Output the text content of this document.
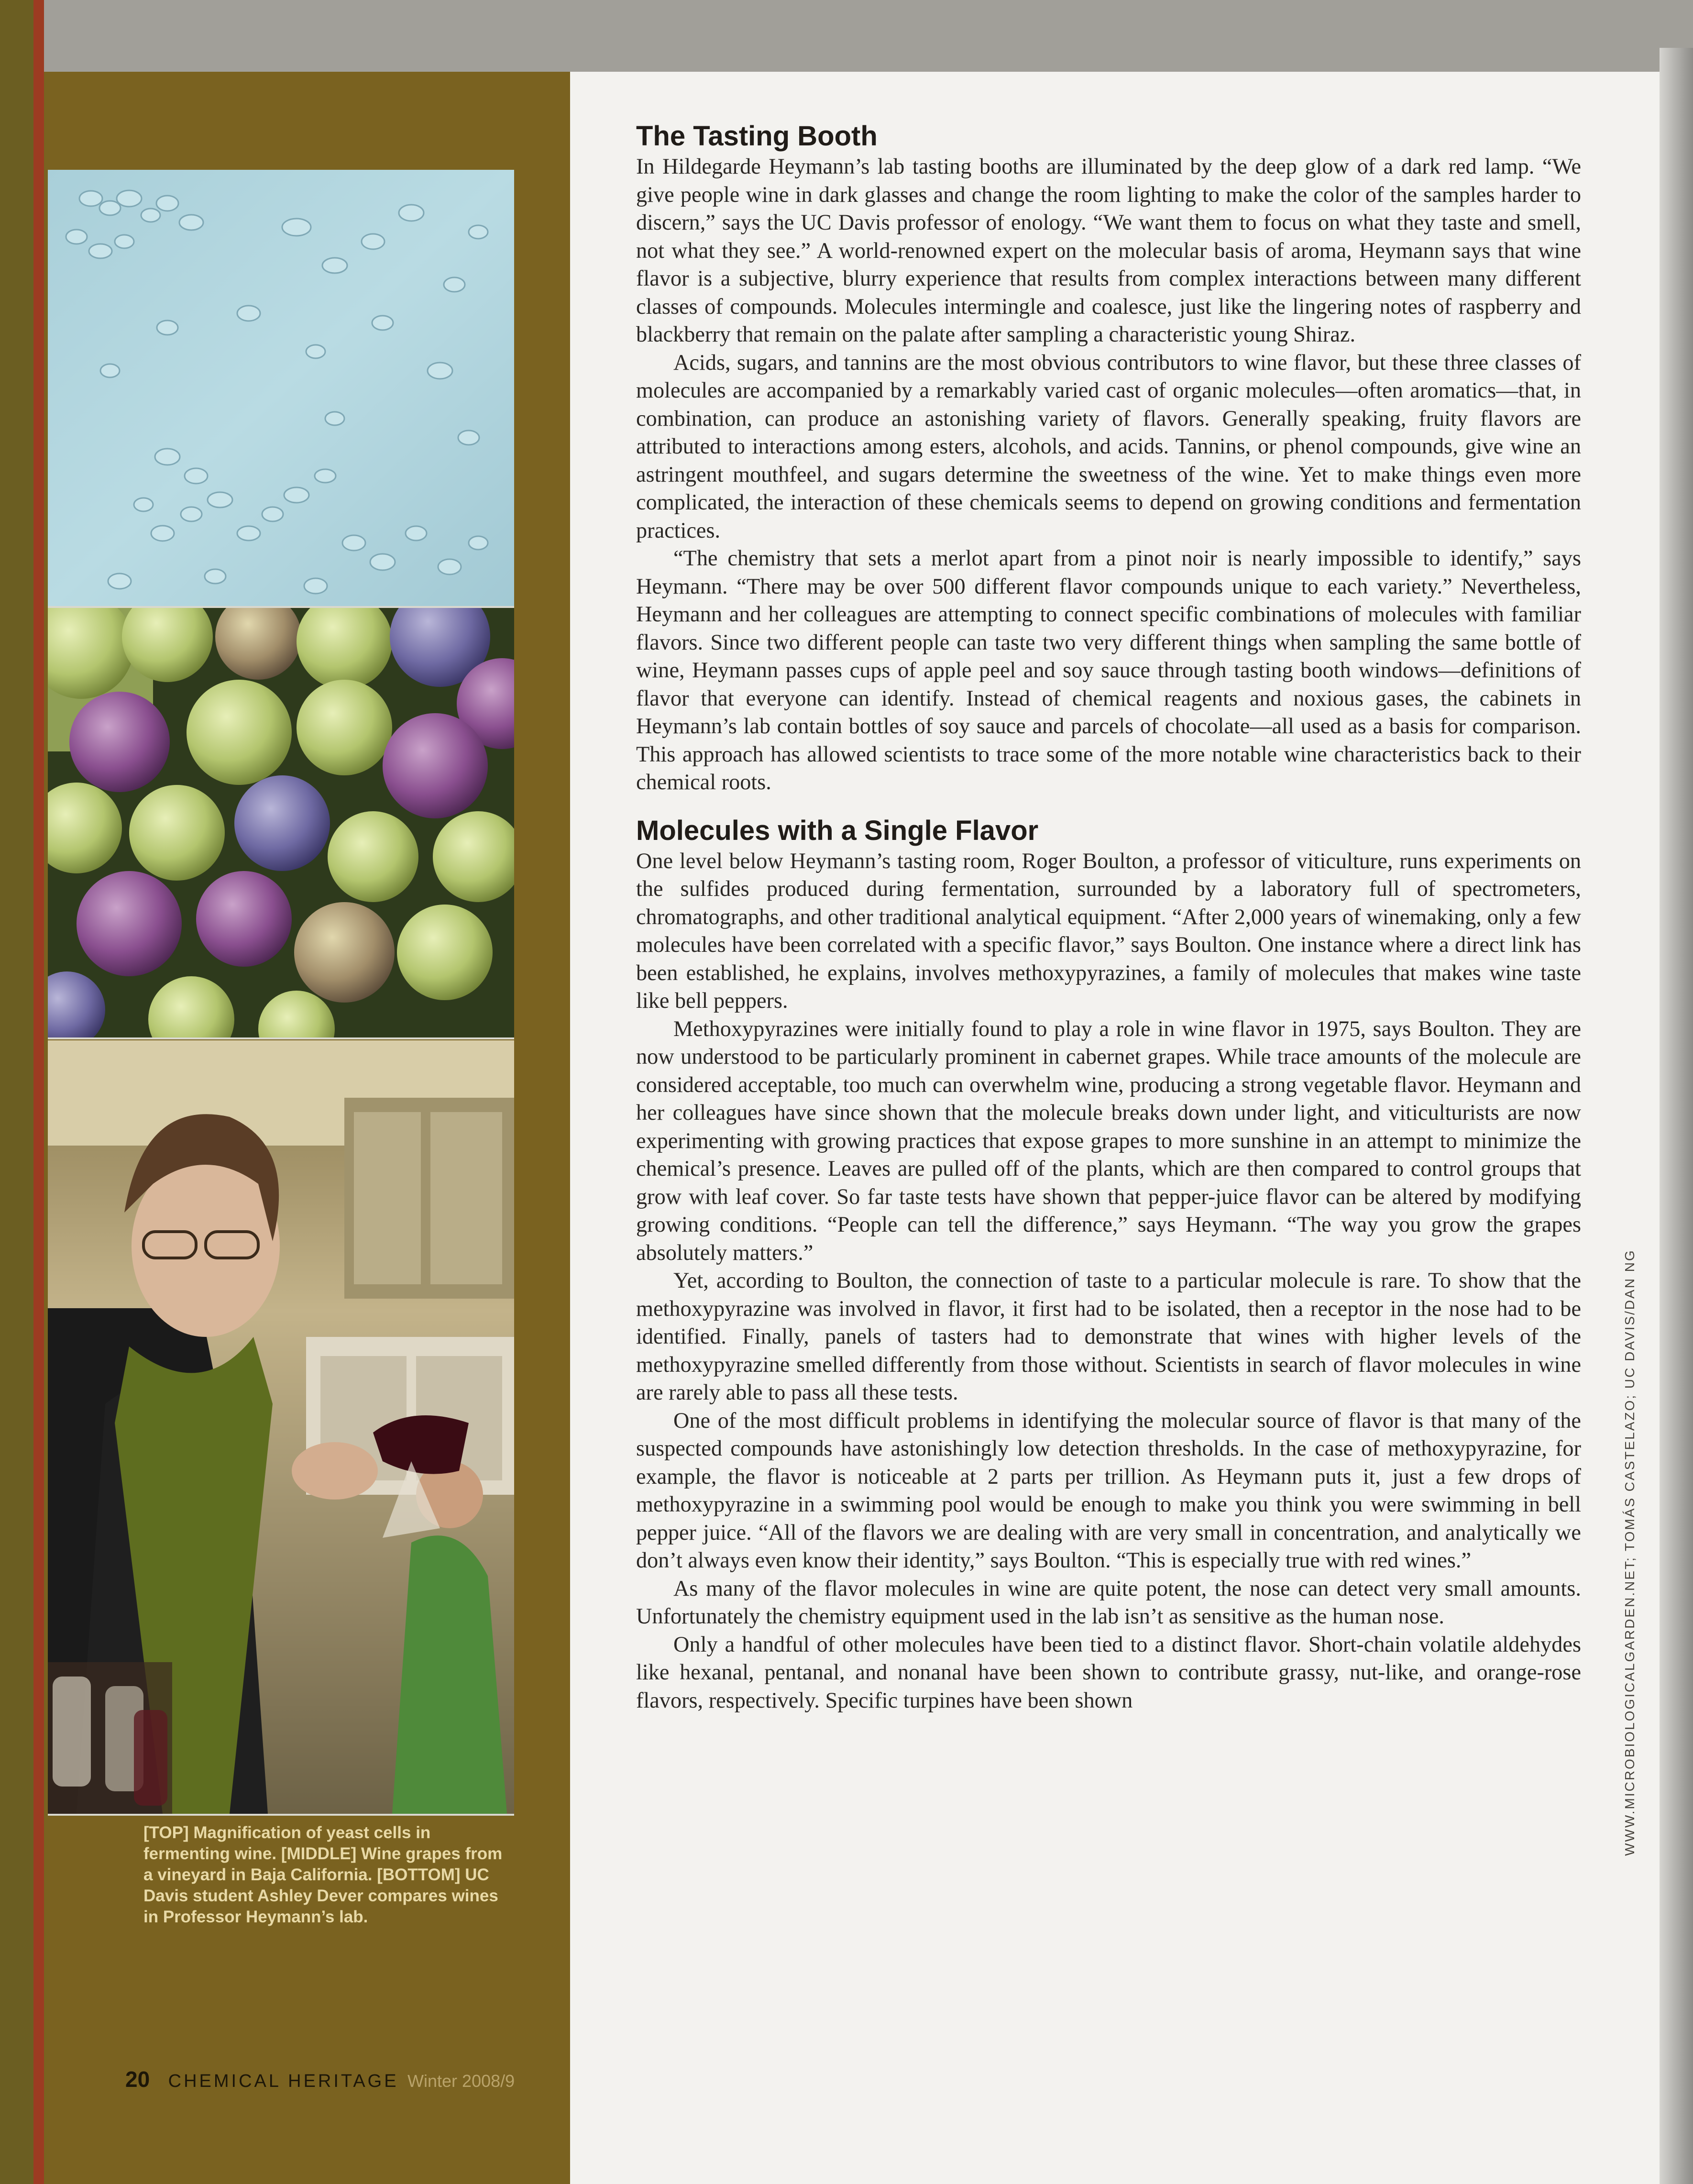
[TOP] Magnification of yeast cells in fermenting wine. [MIDDLE] Wine grapes from a vineyard in Baja California. [BOTTOM] UC Davis student Ashley Dever compares wines in Professor Heymann’s lab.
20 CHEMICAL HERITAGE Winter 2008/9
The Tasting Booth

In Hildegarde Heymann’s lab tasting booths are illuminated by the deep glow of a dark red lamp. “We give people wine in dark glasses and change the room lighting to make the color of the samples harder to discern,” says the UC Davis professor of enology. “We want them to focus on what they taste and smell, not what they see.” A world-renowned expert on the molecular basis of aroma, Heymann says that wine flavor is a subjective, blurry experience that results from complex interactions between many different classes of compounds. Molecules intermingle and coalesce, just like the lingering notes of raspberry and blackberry that remain on the palate after sampling a characteristic young Shiraz.

Acids, sugars, and tannins are the most obvious contributors to wine flavor, but these three classes of molecules are accompanied by a remarkably varied cast of organic molecules—often aromatics—that, in combination, can produce an astonishing variety of flavors. Generally speaking, fruity flavors are attributed to interactions among esters, alcohols, and acids. Tannins, or phenol compounds, give wine an astringent mouthfeel, and sugars determine the sweetness of the wine. Yet to make things even more complicated, the interaction of these chemicals seems to depend on growing conditions and fermentation practices.

“The chemistry that sets a merlot apart from a pinot noir is nearly impossible to identify,” says Heymann. “There may be over 500 different flavor compounds unique to each variety.” Nevertheless, Heymann and her colleagues are attempting to connect specific combinations of molecules with familiar flavors. Since two different people can taste two very different things when sampling the same bottle of wine, Heymann passes cups of apple peel and soy sauce through tasting booth windows—definitions of flavor that everyone can identify. Instead of chemical reagents and noxious gases, the cabinets in Heymann’s lab contain bottles of soy sauce and parcels of chocolate—all used as a basis for comparison. This approach has allowed scientists to trace some of the more notable wine characteristics back to their chemical roots.

Molecules with a Single Flavor

One level below Heymann’s tasting room, Roger Boulton, a professor of viticulture, runs experiments on the sulfides produced during fermentation, surrounded by a laboratory full of spectrometers, chromatographs, and other traditional analytical equipment. “After 2,000 years of winemaking, only a few molecules have been correlated with a specific flavor,” says Boulton. One instance where a direct link has been established, he explains, involves methoxypyrazines, a family of molecules that makes wine taste like bell peppers.

Methoxypyrazines were initially found to play a role in wine flavor in 1975, says Boulton. They are now understood to be particularly prominent in cabernet grapes. While trace amounts of the molecule are considered acceptable, too much can overwhelm wine, producing a strong vegetable flavor. Heymann and her colleagues have since shown that the molecule breaks down under light, and viticulturists are now experimenting with growing practices that expose grapes to more sunshine in an attempt to minimize the chemical’s presence. Leaves are pulled off of the plants, which are then compared to control groups that grow with leaf cover. So far taste tests have shown that pepper-juice flavor can be altered by modifying growing conditions. “People can tell the difference,” says Heymann. “The way you grow the grapes absolutely matters.”

Yet, according to Boulton, the connection of taste to a particular molecule is rare. To show that the methoxypyrazine was involved in flavor, it first had to be isolated, then a receptor in the nose had to be identified. Finally, panels of tasters had to demonstrate that wines with higher levels of the methoxypyrazine smelled differently from those without. Scientists in search of flavor molecules in wine are rarely able to pass all these tests.

One of the most difficult problems in identifying the molecular source of flavor is that many of the suspected compounds have astonishingly low detection thresholds. In the case of methoxypyrazine, for example, the flavor is noticeable at 2 parts per trillion. As Heymann puts it, just a few drops of methoxypyrazine in a swimming pool would be enough to make you think you were swimming in bell pepper juice. “All of the flavors we are dealing with are very small in concentration, and analytically we don’t always even know their identity,” says Boulton. “This is especially true with red wines.”

As many of the flavor molecules in wine are quite potent, the nose can detect very small amounts. Unfortunately the chemistry equipment used in the lab isn’t as sensitive as the human nose.

Only a handful of other molecules have been tied to a distinct flavor. Short-chain volatile aldehydes like hexanal, pentanal, and nonanal have been shown to contribute grassy, nut-like, and orange-rose flavors, respectively. Specific turpines have been shown	WWW.MICROBIOLOGICALGARDEN.NET; TOMÁS CASTELAZO; UC DAVIS/DAN NG
